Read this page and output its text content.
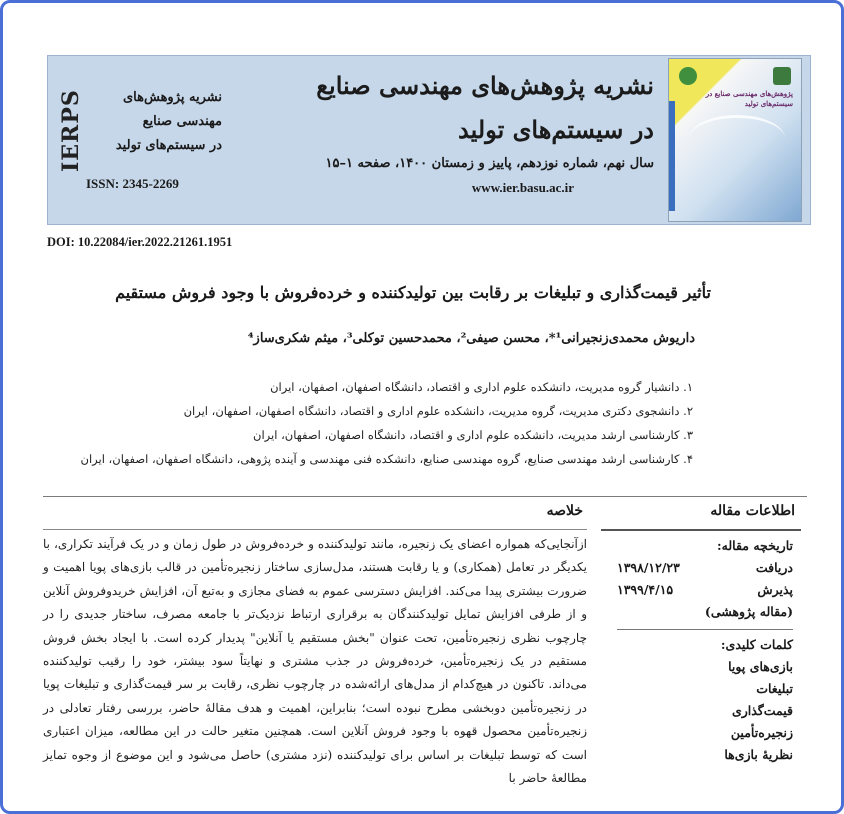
IERPS	نشریه پژوهش‌های
مهندسی صنایع
در سیستم‌های تولید
ISSN: 2345-2269
نشریه پژوهش‌های مهندسی صنایع
در سیستم‌های تولید
سال نهم، شماره نوزدهم، پاییز و زمستان ۱۴۰۰، صفحه ۱–۱۵
www.ier.basu.ac.ir
پژوهش‌های مهندسی صنایع در سیستم‌های تولید
DOI: 10.22084/ier.2022.21261.1951
تأثیر قیمت‌گذاری و تبلیغات بر رقابت بین تولیدکننده و خرده‌فروش با وجود فروش مستقیم
داریوش محمدی‌زنجیرانی¹*، محسن صیفی²، محمدحسین توکلی³، میثم شکری‌ساز⁴
۱. دانشیار گروه مدیریت، دانشکده علوم اداری و اقتصاد، دانشگاه اصفهان، اصفهان، ایران
۲. دانشجوی دکتری مدیریت، گروه مدیریت، دانشکده علوم اداری و اقتصاد، دانشگاه اصفهان، اصفهان، ایران
۳. کارشناسی ارشد مدیریت، دانشکده علوم اداری و اقتصاد، دانشگاه اصفهان، اصفهان، ایران
۴. کارشناسی ارشد مهندسی صنایع، گروه مهندسی صنایع، دانشکده فنی مهندسی و آینده پژوهی، دانشگاه اصفهان، اصفهان، ایران
اطلاعات مقاله
خلاصه
ازآنجایی‌که همواره اعضای یک زنجیره، مانند تولیدکننده و خرده‌فروش در طول زمان و در یک فرآیند تکراری، با یکدیگر در تعامل (همکاری) و یا رقابت هستند، مدل‌سازی ساختار زنجیره‌تأمین در قالب بازی‌های پویا اهمیت و ضرورت بیشتری پیدا می‌کند. افزایش دسترسی عموم به فضای مجازی و به‌تبع آن، افزایش خریدوفروش آنلاین و از طرفی افزایش تمایل تولیدکنندگان به برقراری ارتباط نزدیک‌تر با جامعه مصرف، ساختار جدیدی را در چارچوب نظری زنجیره‌تأمین، تحت عنوان "بخش مستقیم یا آنلاین" پدیدار کرده است. با ایجاد بخش فروش مستقیم در یک زنجیره‌تأمین، خرده‌فروش در جذب مشتری و نهایتاً سود بیشتر، خود را رقیب تولیدکننده می‌داند. تاکنون در هیچ‌کدام از مدل‌های ارائه‌شده در چارچوب نظری، رقابت بر سر قیمت‌گذاری و تبلیغات پویا در زنجیره‌تأمین دوبخشی مطرح نبوده است؛ بنابراین، اهمیت و هدف مقالهٔ حاضر، بررسی رفتار تعادلی در زنجیره‌تأمین محصول قهوه با وجود فروش آنلاین است. همچنین متغیر حالت در این مطالعه، میزان اعتباری است که توسط تبلیغات بر اساس برای تولیدکننده (نزد مشتری) حاصل می‌شود و این موضوع از وجوه تمایز مطالعهٔ حاضر با
تاریخچه مقاله:
دریافت
۱۳۹۸/۱۲/۲۳
پذیرش
۱۳۹۹/۴/۱۵
(مقاله پژوهشی)
کلمات کلیدی:
بازی‌های پویا
تبلیغات
قیمت‌گذاری
زنجیره‌تأمین
نظریهٔ بازی‌ها
